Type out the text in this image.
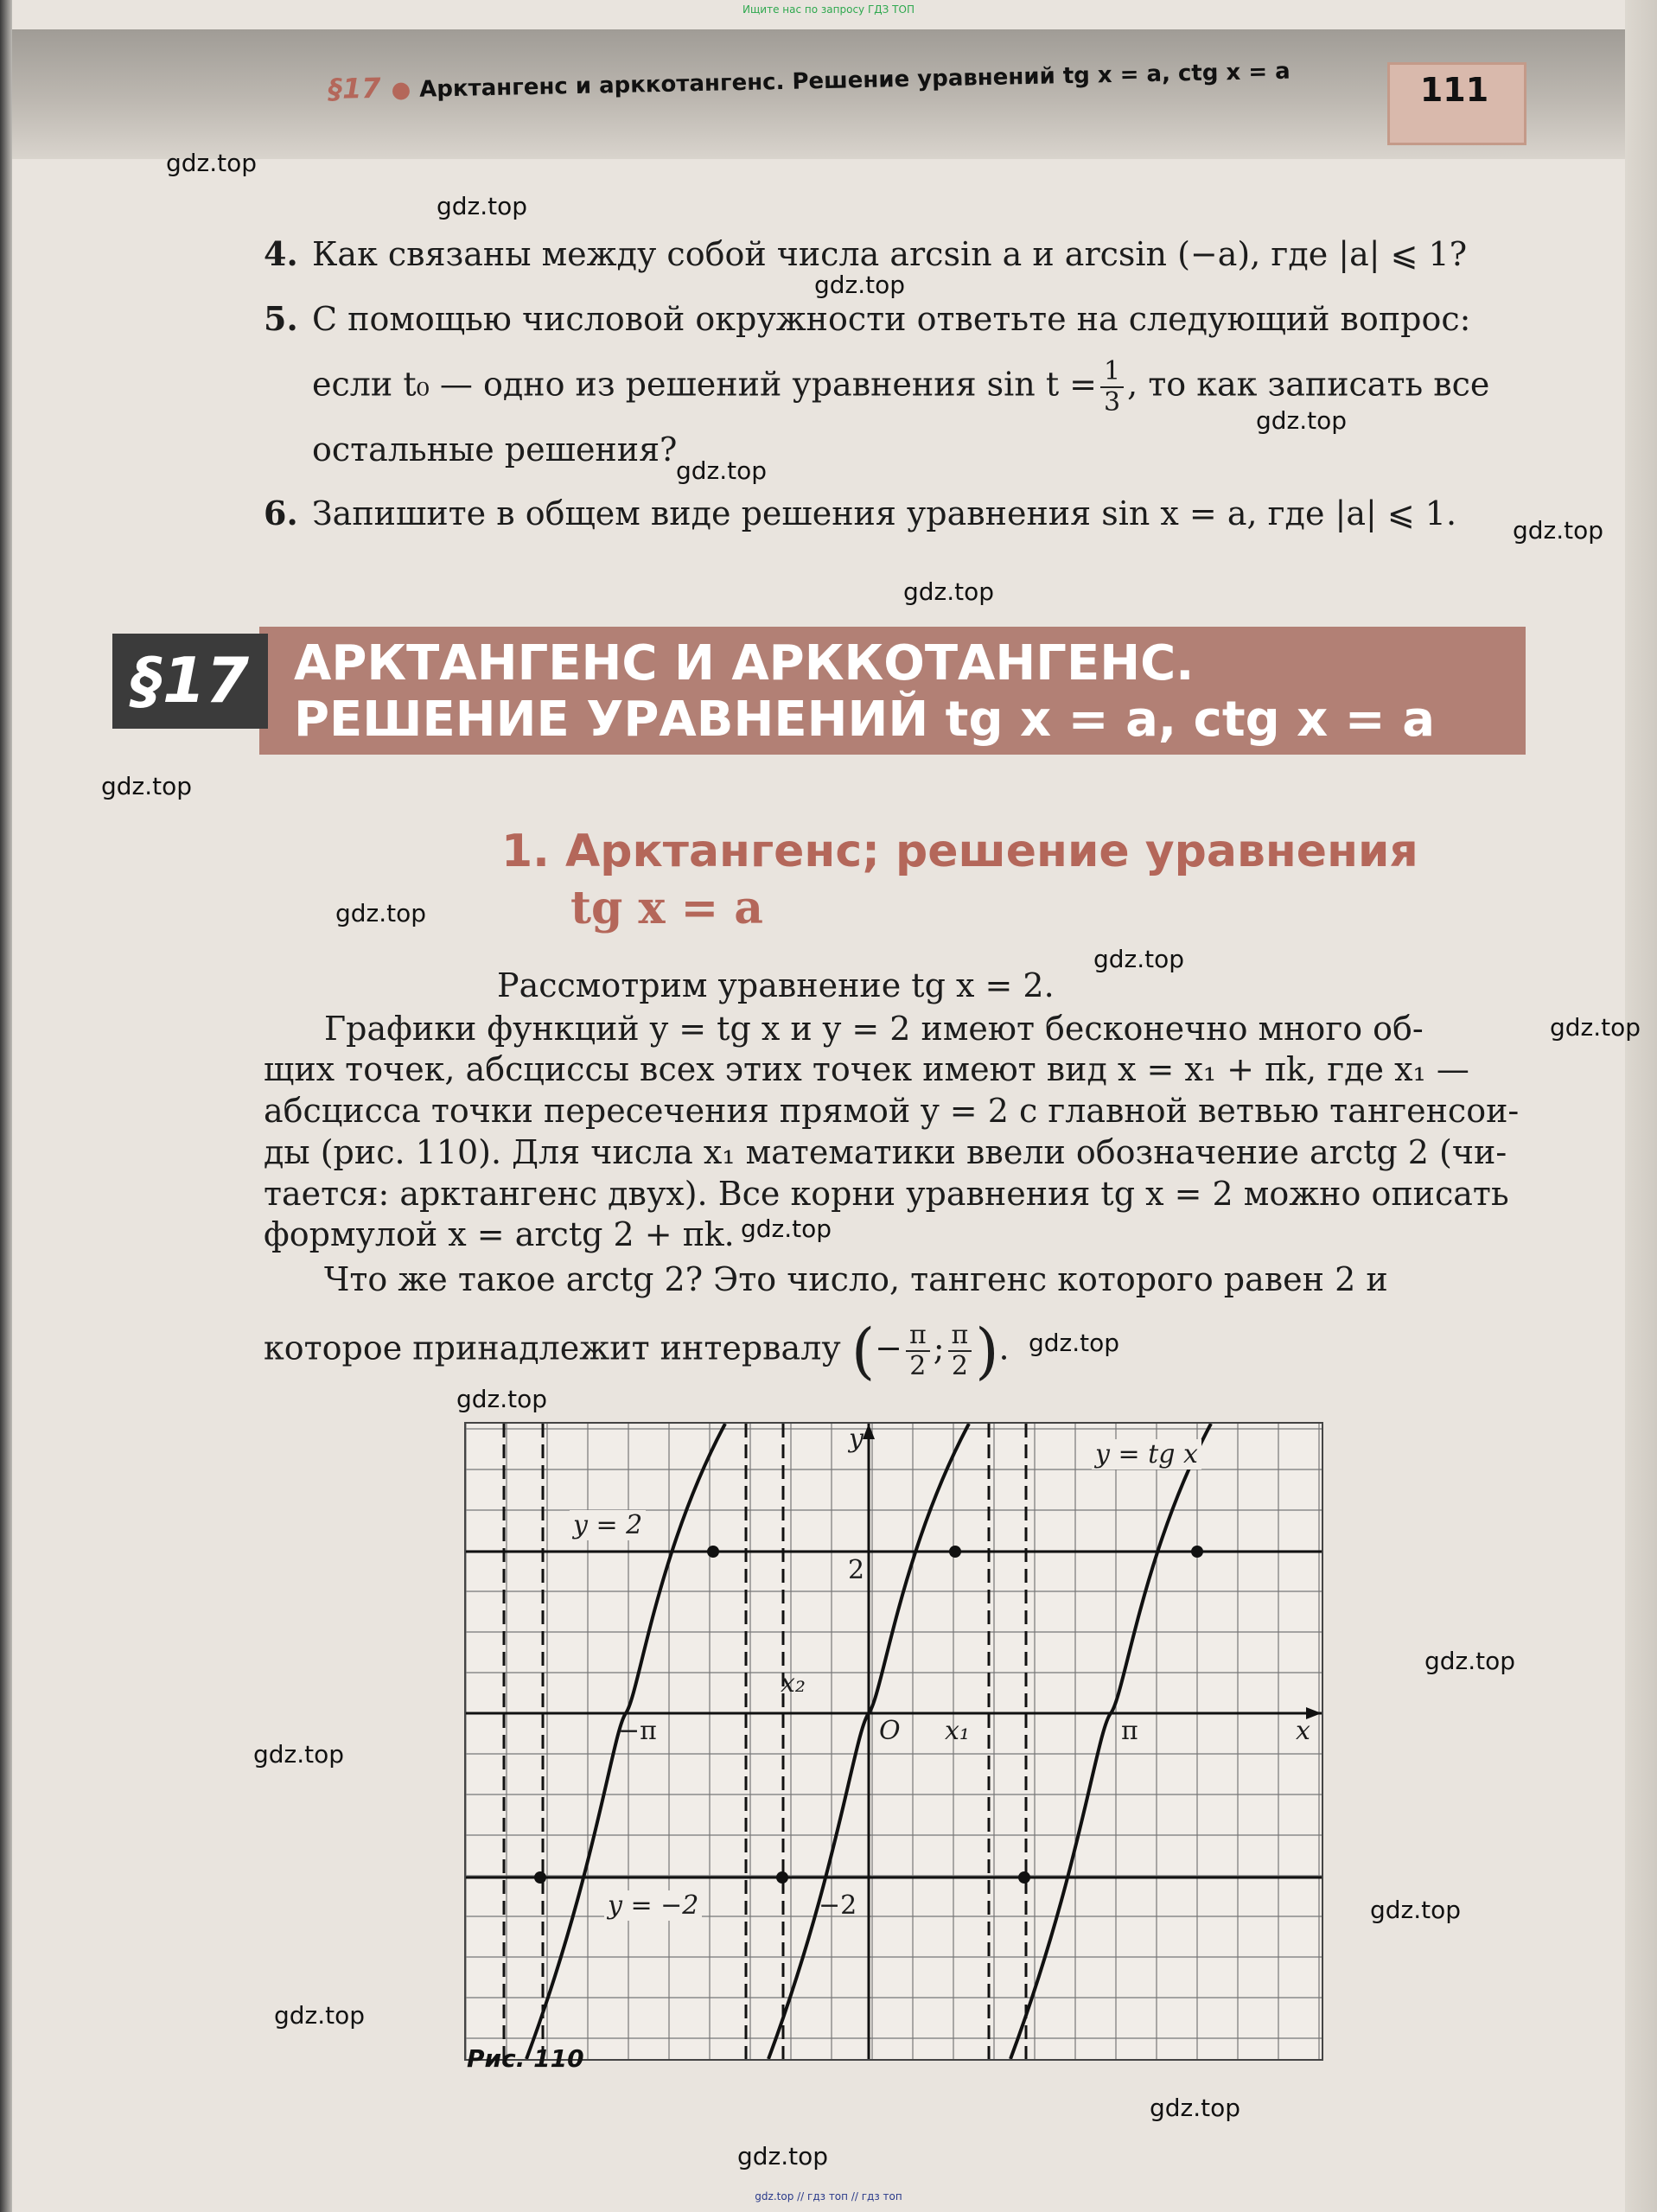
Ищите нас по запросу ГДЗ ТОП
§17 ● Арктангенс и арккотангенс. Решение уравнений tg x = a, ctg x = a	111
gdz.top
gdz.top
gdz.top
gdz.top
gdz.top
gdz.top
gdz.top
gdz.top
gdz.top
gdz.top
gdz.top
gdz.top
gdz.top
gdz.top
gdz.top
gdz.top
gdz.top
gdz.top
gdz.top
gdz.top
4. Как связаны между собой числа arcsin a и arcsin (−a), где |a| ⩽ 1?
5. С помощью числовой окружности ответьте на следующий вопрос:
если t₀ — одно из решений уравнения $\sin t = \frac{1}{3}$ , то как записать все
остальные решения?
6. Запишите в общем виде решения уравнения sin x = a, где |a| ⩽ 1.
§17 АРКТАНГЕНС И АРККОТАНГЕНС.
РЕШЕНИЕ УРАВНЕНИЙ tg x = a, ctg x = a
1. Арктангенс; решение уравнения
tg x = a
Рассмотрим уравнение tg x = 2.
Графики функций y = tg x и y = 2 имеют бесконечно много об-
щих точек, абсциссы всех этих точек имеют вид x = x₁ + πk, где x₁ —
абсцисса точки пересечения прямой y = 2 с главной ветвью тангенсои-
ды (рис. 110). Для числа x₁ математики ввели обозначение arctg 2 (чи-
тается: арктангенс двух). Все корни уравнения tg x = 2 можно описать
формулой x = arctg 2 + πk.
Что же такое arctg 2? Это число, тангенс которого равен 2 и
которое принадлежит интервалу (− $\frac{\pi}{2}$ ; $\frac{\pi}{2}$ ).
y = tg x
y = 2
y = −2
y
x
O
2
−2
x₁
x₂
−π	π
Рис. 110
gdz.top // гдз топ // гдз топ
